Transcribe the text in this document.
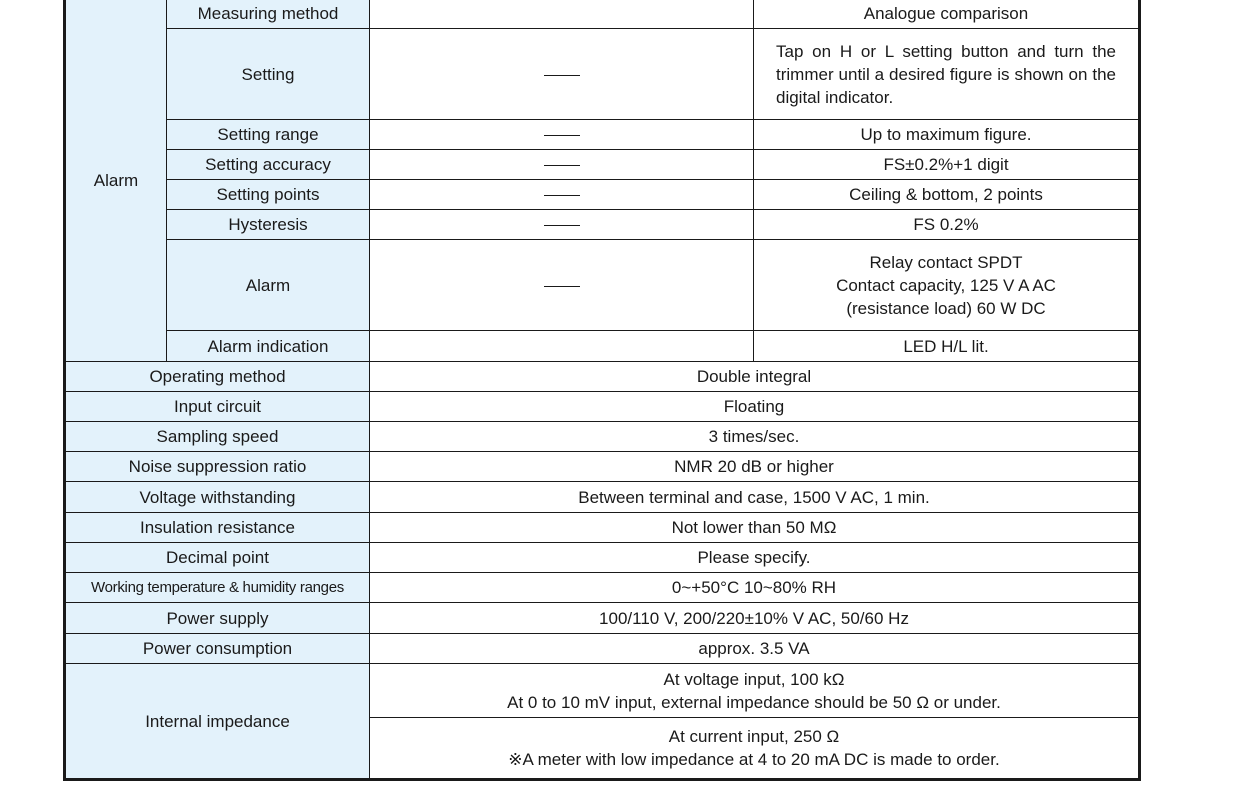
Alarm	Measuring method		Analogue comparison
	Setting		Tap on H or L setting button and turn the trimmer until a desired figure is shown on the digital indicator.
	Setting range		Up to maximum figure.
	Setting accuracy		FS±0.2%+1 digit
	Setting points		Ceiling & bottom, 2 points
	Hysteresis		FS 0.2%
	Alarm		Relay contact SPDT
Contact capacity, 125 V A AC
(resistance load) 60 W DC

	Alarm indication		LED H/L lit.
Operating method		Double integral	
Input circuit		Floating	
Sampling speed		3 times/sec.	
Noise suppression ratio		NMR 20 dB or higher	
Voltage withstanding		Between terminal and case, 1500 V AC, 1 min.	
Insulation resistance		Not lower than 50 MΩ	
Decimal point		Please specify.	
Working temperature & humidity ranges		0~+50°C 10~80% RH	
Power supply		100/110 V, 200/220±10% V AC, 50/60 Hz	
Power consumption		approx. 3.5 VA	
Internal impedance		At voltage input, 100 kΩ
At 0 to 10 mV input, external impedance should be 50 Ω or under.	

		At current input, 250 Ω
※A meter with low impedance at 4 to 20 mA DC is made to order.	
